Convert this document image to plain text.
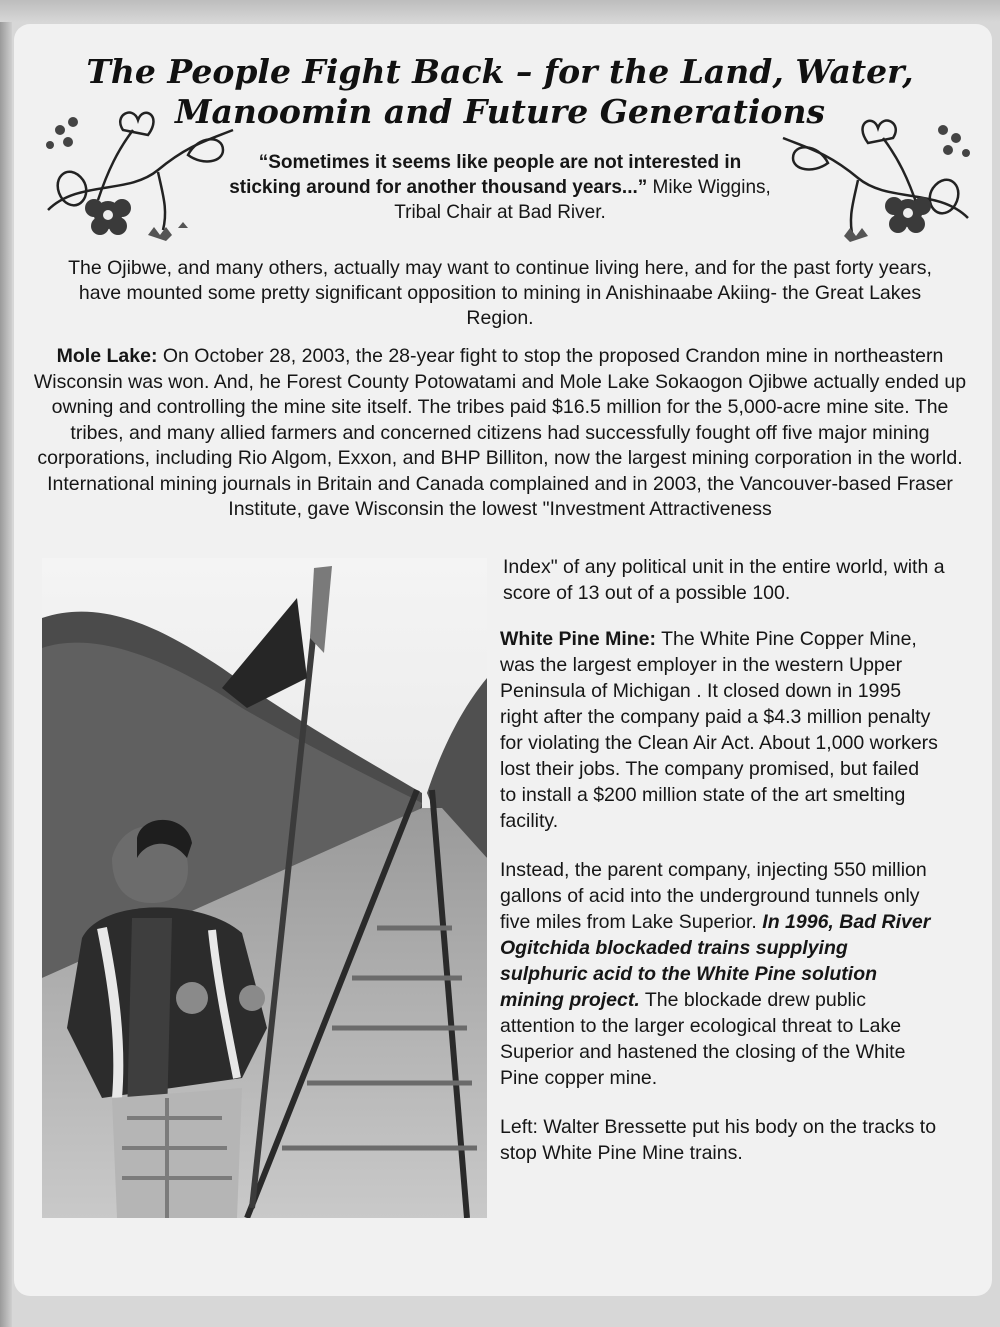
The People Fight Back – for the Land, Water,
Manoomin and Future Generations
“Sometimes it seems like people are not interested in sticking around for another thousand years...” Mike Wiggins, Tribal Chair at Bad River.
The Ojibwe, and many others, actually may want to continue living here, and for the past forty years, have mounted some pretty significant opposition to mining in Anishinaabe Akiing- the Great Lakes Region.
Mole Lake: On October 28, 2003, the 28-year fight to stop the proposed Crandon mine in northeastern Wisconsin was won. And, he Forest County Potowatami and Mole Lake Sokaogon Ojibwe actually ended up owning and controlling the mine site itself. The tribes paid $16.5 million for the 5,000-acre mine site. The tribes, and many allied farmers and concerned citizens had successfully fought off five major mining corporations, including Rio Algom, Exxon, and BHP Billiton, now the largest mining corporation in the world. International mining journals in Britain and Canada complained and in 2003, the Vancouver-based Fraser Institute, gave Wisconsin the lowest "Investment Attractiveness
Index" of any political unit in the entire world, with a score of 13 out of a possible 100.

White Pine Mine: The White Pine Copper Mine, was the largest employer in the western Upper Peninsula of Michigan . It closed down in 1995 right after the company paid a $4.3 million penalty for violating the Clean Air Act. About 1,000 workers lost their jobs. The company promised, but failed to install a $200 million state of the art smelting facility.

Instead, the parent company, injecting 550 million gallons of acid into the underground tunnels only five miles from Lake Superior. In 1996, Bad River Ogitchida blockaded trains supplying sulphuric acid to the White Pine solution mining project. The blockade drew public attention to the larger ecological threat to Lake Superior and hastened the closing of the White Pine copper mine.

Left: Walter Bressette put his body on the tracks to stop White Pine Mine trains.
